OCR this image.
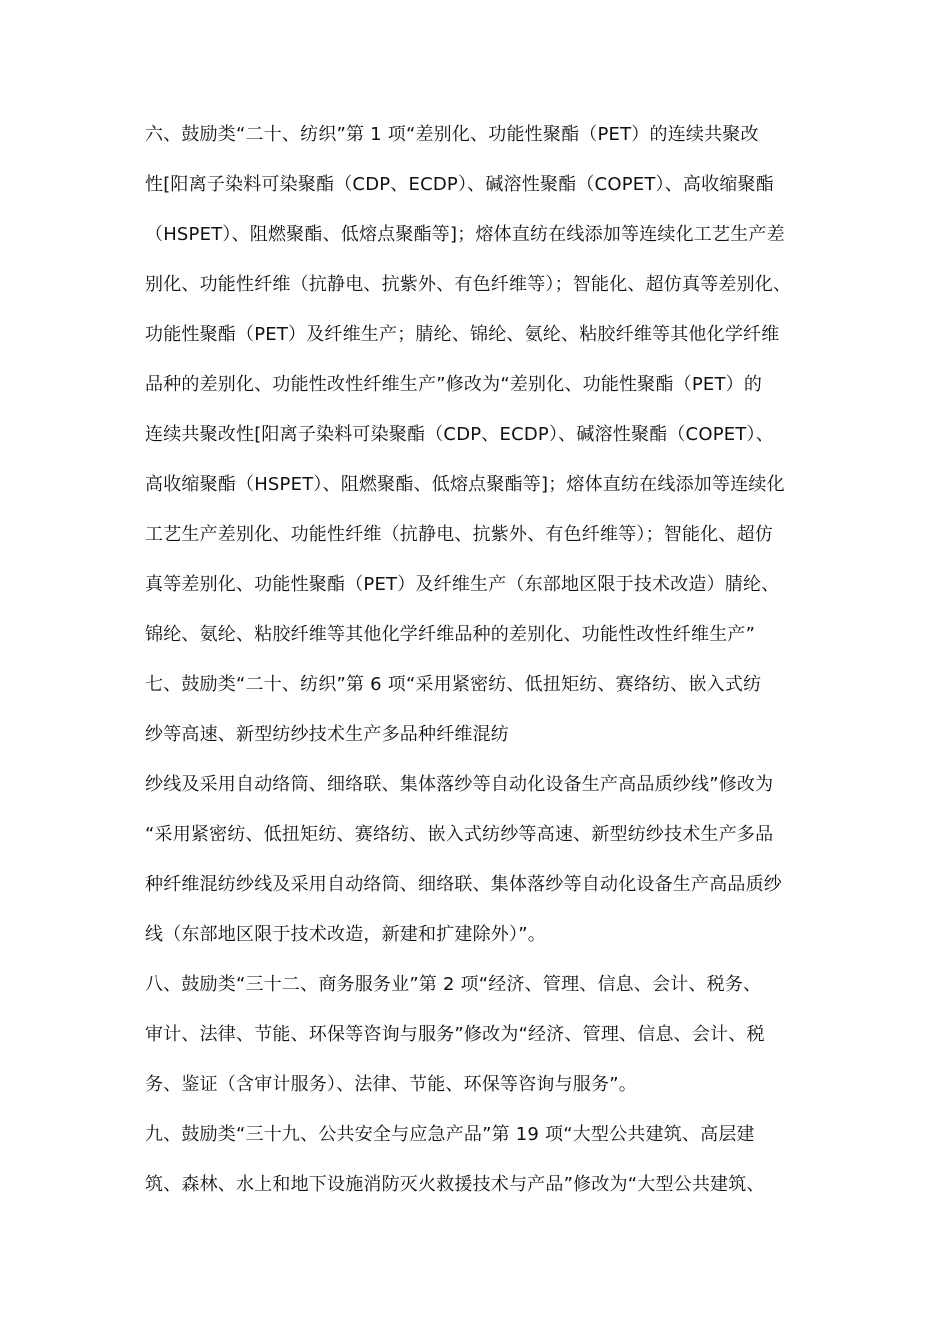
六、鼓励类“二十、纺织”第 1 项“差别化、功能性聚酯（PET）的连续共聚改
性[阳离子染料可染聚酯（CDP、ECDP）、碱溶性聚酯（COPET）、高收缩聚酯
（HSPET）、阻燃聚酯、低熔点聚酯等]；熔体直纺在线添加等连续化工艺生产差
别化、功能性纤维（抗静电、抗紫外、有色纤维等）；智能化、超仿真等差别化、
功能性聚酯（PET）及纤维生产；腈纶、锦纶、氨纶、粘胶纤维等其他化学纤维
品种的差别化、功能性改性纤维生产”修改为“差别化、功能性聚酯（PET）的
连续共聚改性[阳离子染料可染聚酯（CDP、ECDP）、碱溶性聚酯（COPET）、
高收缩聚酯（HSPET）、阻燃聚酯、低熔点聚酯等]；熔体直纺在线添加等连续化
工艺生产差别化、功能性纤维（抗静电、抗紫外、有色纤维等）；智能化、超仿
真等差别化、功能性聚酯（PET）及纤维生产（东部地区限于技术改造）腈纶、
锦纶、氨纶、粘胶纤维等其他化学纤维品种的差别化、功能性改性纤维生产”
七、鼓励类“二十、纺织”第 6 项“采用紧密纺、低扭矩纺、赛络纺、嵌入式纺
纱等高速、新型纺纱技术生产多品种纤维混纺
纱线及采用自动络筒、细络联、集体落纱等自动化设备生产高品质纱线”修改为
“采用紧密纺、低扭矩纺、赛络纺、嵌入式纺纱等高速、新型纺纱技术生产多品
种纤维混纺纱线及采用自动络筒、细络联、集体落纱等自动化设备生产高品质纱
线（东部地区限于技术改造，新建和扩建除外）”。
八、鼓励类“三十二、商务服务业”第 2 项“经济、管理、信息、会计、税务、
审计、法律、节能、环保等咨询与服务”修改为“经济、管理、信息、会计、税
务、鉴证（含审计服务）、法律、节能、环保等咨询与服务”。
九、鼓励类“三十九、公共安全与应急产品”第 19 项“大型公共建筑、高层建
筑、森林、水上和地下设施消防灭火救援技术与产品”修改为“大型公共建筑、
